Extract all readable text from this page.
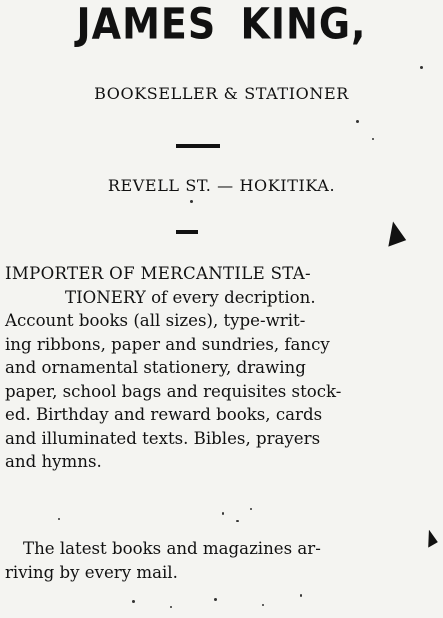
JAMES KING,
BOOKSELLER & STATIONER
REVELL ST. — HOKITIKA.
IMPORTER OF MERCANTILE STA-
TIONERY of every decription.
Account books (all sizes), type-writ-
ing ribbons, paper and sundries, fancy
and ornamental stationery, drawing
paper, school bags and requisites stock-
ed. Birthday and reward books, cards
and illuminated texts. Bibles, prayers
and hymns.
The latest books and magazines ar-
riving by every mail.
